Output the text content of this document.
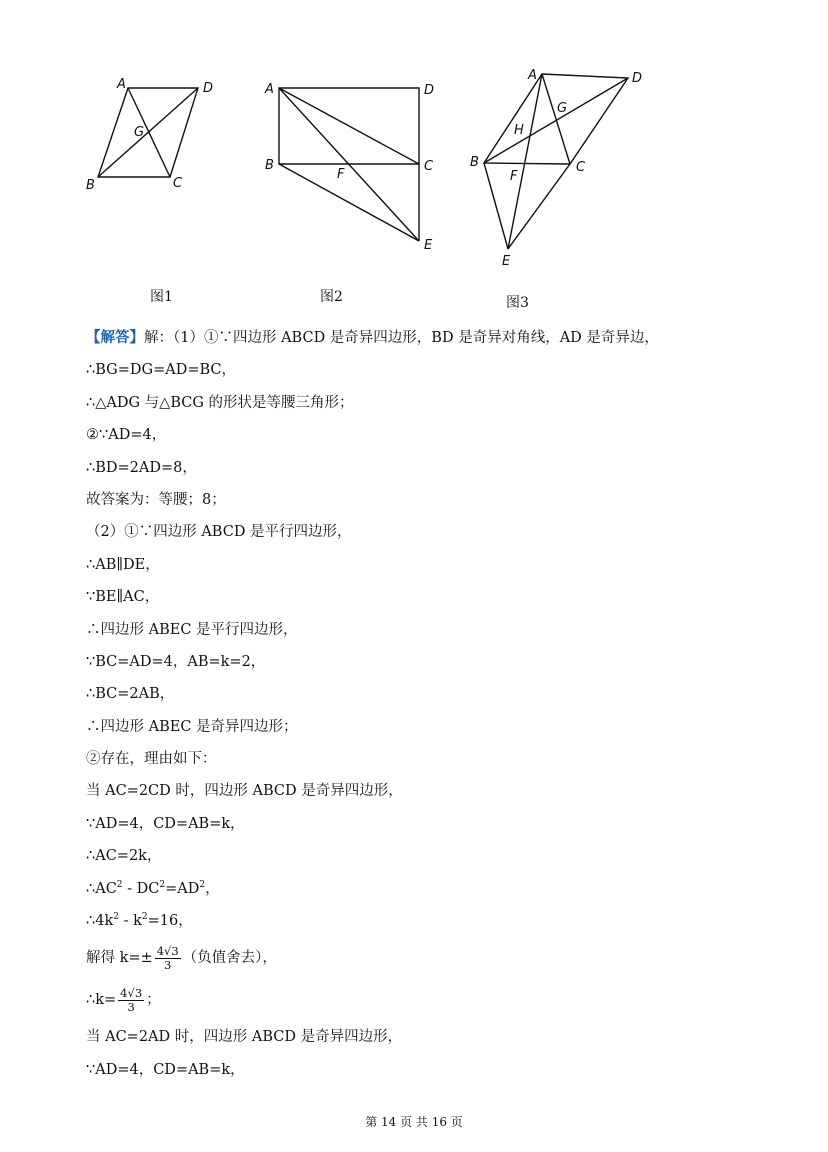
A	D
G
B	C
A	D
B
F
C
E
A	D
G
H
B
F
C
E
图1	图2	图3
【解答】解：（1）①∵四边形 ABCD 是奇异四边形，BD 是奇异对角线，AD 是奇异边，
∴BG=DG=AD=BC，
∴△ADG 与△BCG 的形状是等腰三角形；
②∵AD=4，
∴BD=2AD=8，
故答案为：等腰；8；
（2）①∵四边形 ABCD 是平行四边形，
∴AB∥DE，
∵BE∥AC，
∴四边形 ABEC 是平行四边形，
∵BC=AD=4，AB=k=2，
∴BC=2AB，
∴四边形 ABEC 是奇异四边形；
②存在，理由如下：
当 AC=2CD 时，四边形 ABCD 是奇异四边形，
∵AD=4，CD=AB=k，
∴AC=2k，
$\therefore AC^2 - DC^2=AD^2$，
$\therefore 4k^2 - k^2=16$，
解得 $k=\pm \frac{4√3}{3}$ （负值舍去），
∴k= $\frac{4√3}{3}$ ；
当 AC=2AD 时，四边形 ABCD 是奇异四边形，
∵AD=4，CD=AB=k，
第 14 页 共 16 页
